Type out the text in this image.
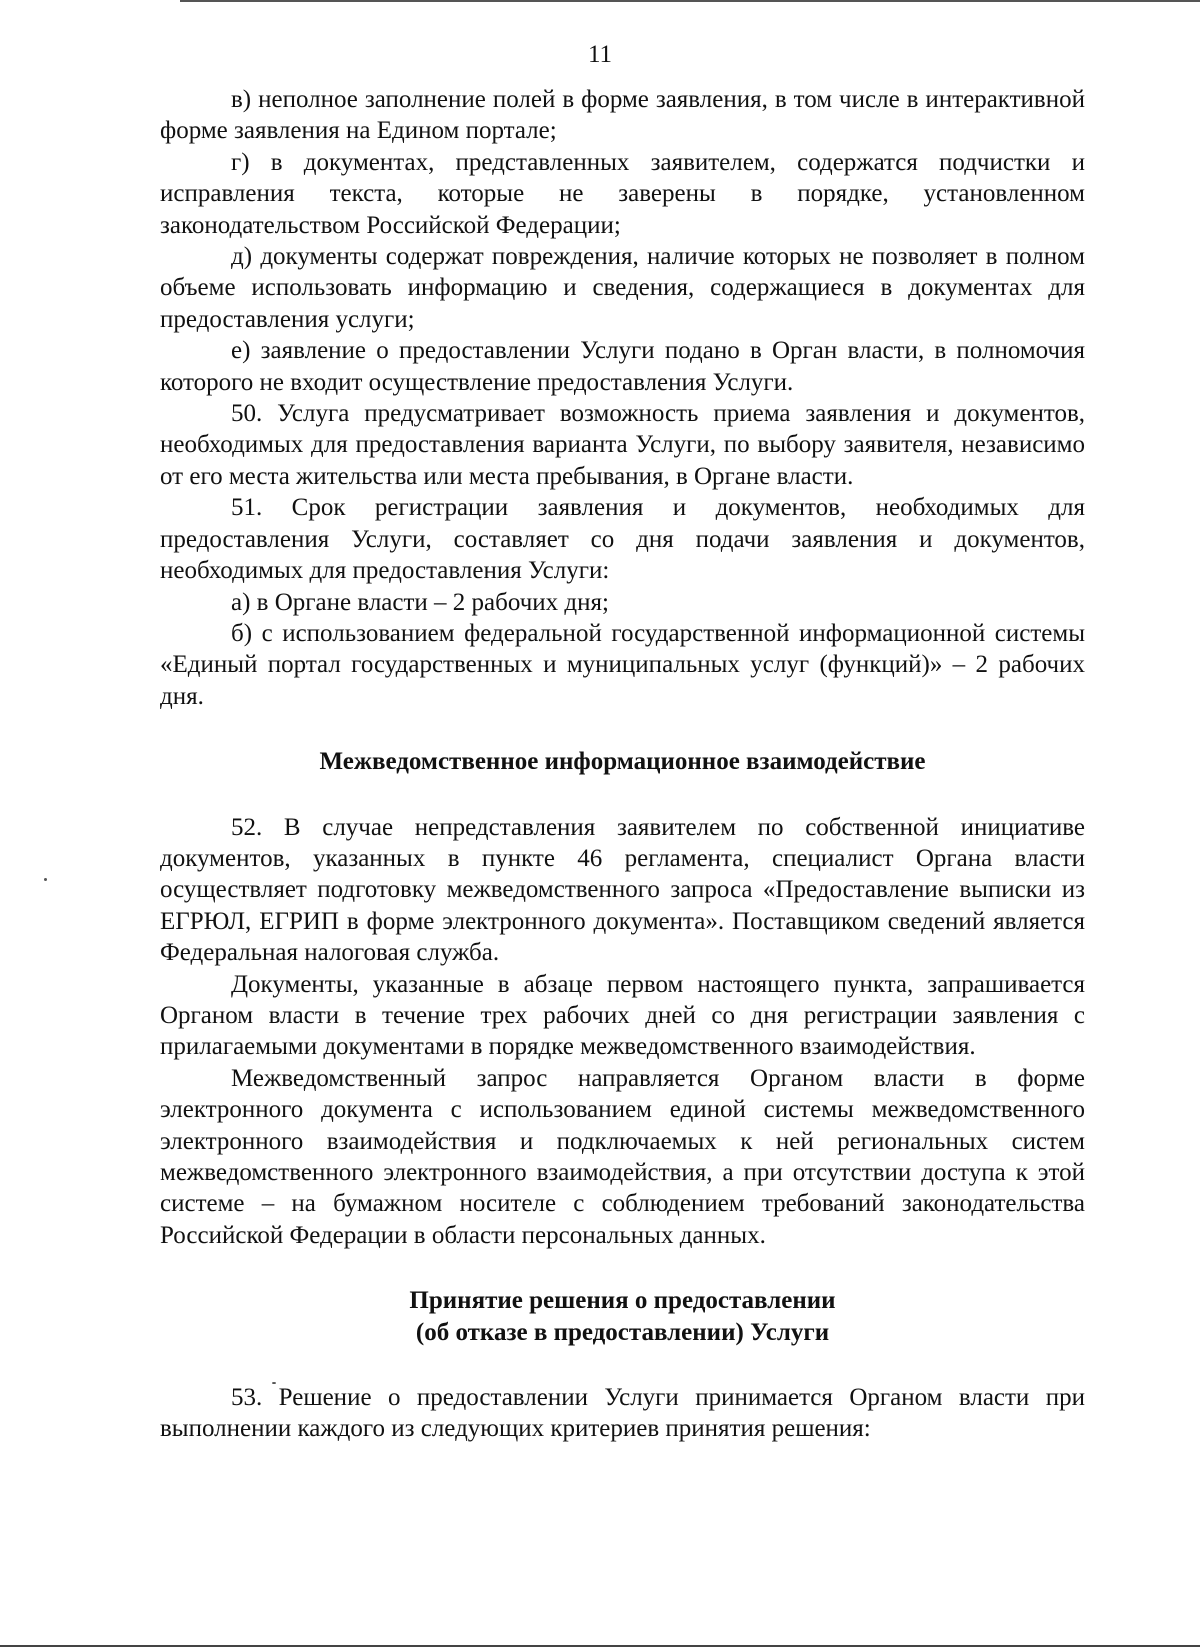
11

в) неполное заполнение полей в форме заявления, в том числе в интерактивной форме заявления на Едином портале;

г) в документах, представленных заявителем, содержатся подчистки и исправления текста, которые не заверены в порядке, установленном законодательством Российской Федерации;

д) документы содержат повреждения, наличие которых не позволяет в полном объеме использовать информацию и сведения, содержащиеся в документах для предоставления услуги;

е) заявление о предоставлении Услуги подано в Орган власти, в полномочия которого не входит осуществление предоставления Услуги.

50. Услуга предусматривает возможность приема заявления и документов, необходимых для предоставления варианта Услуги, по выбору заявителя, независимо от его места жительства или места пребывания, в Органе власти.

51. Срок регистрации заявления и документов, необходимых для предоставления Услуги, составляет со дня подачи заявления и документов, необходимых для предоставления Услуги:

а) в Органе власти – 2 рабочих дня;

б) с использованием федеральной государственной информационной системы «Единый портал государственных и муниципальных услуг (функций)» – 2 рабочих дня.

Межведомственное информационное взаимодействие

52. В случае непредставления заявителем по собственной инициативе документов, указанных в пункте 46 регламента, специалист Органа власти осуществляет подготовку межведомственного запроса «Предоставление выписки из ЕГРЮЛ, ЕГРИП в форме электронного документа». Поставщиком сведений является Федеральная налоговая служба.

Документы, указанные в абзаце первом настоящего пункта, запрашивается Органом власти в течение трех рабочих дней со дня регистрации заявления с прилагаемыми документами в порядке межведомственного взаимодействия.

Межведомственный запрос направляется Органом власти в форме электронного документа с использованием единой системы межведомственного электронного взаимодействия и подключаемых к ней региональных систем межведомственного электронного взаимодействия, а при отсутствии доступа к этой системе – на бумажном носителе с соблюдением требований законодательства Российской Федерации в области персональных данных.

Принятие решения о предоставлении
(об отказе в предоставлении) Услуги

53. Решение о предоставлении Услуги принимается Органом власти при выполнении каждого из следующих критериев принятия решения:
